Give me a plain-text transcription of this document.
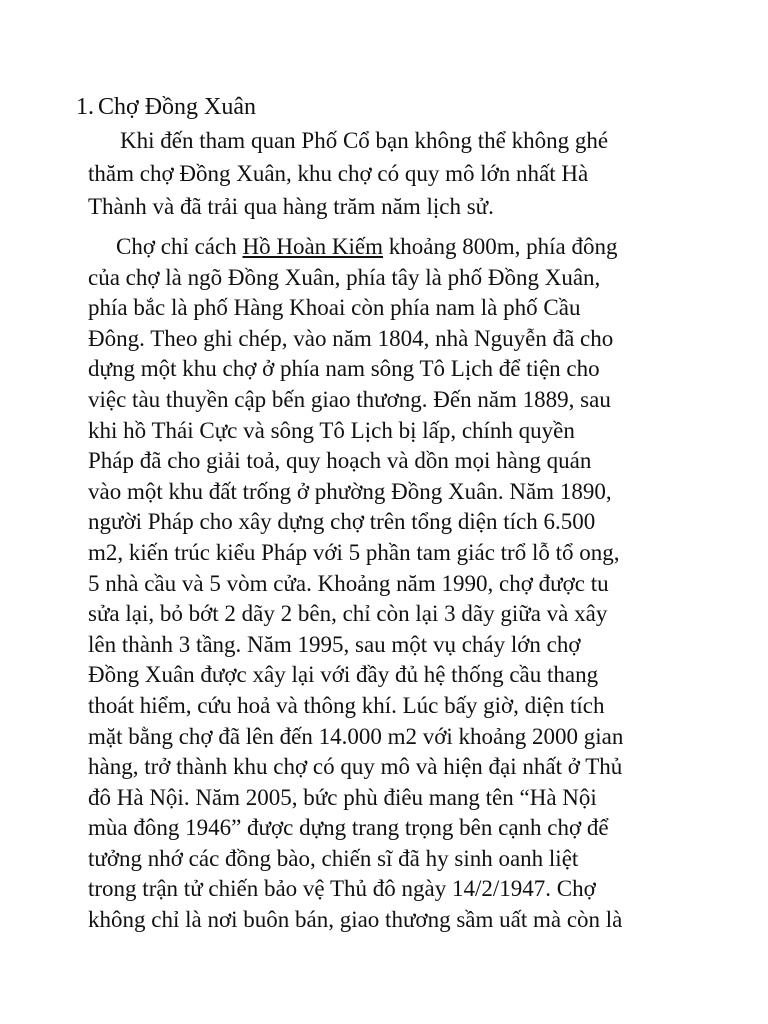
1. Chợ Đồng Xuân
Khi đến tham quan Phố Cổ bạn không thể không ghé
thăm chợ Đồng Xuân, khu chợ có quy mô lớn nhất Hà
Thành và đã trải qua hàng trăm năm lịch sử.
Chợ chỉ cách Hồ Hoàn Kiếm khoảng 800m, phía đông
của chợ là ngõ Đồng Xuân, phía tây là phố Đồng Xuân,
phía bắc là phố Hàng Khoai còn phía nam là phố Cầu
Đông. Theo ghi chép, vào năm 1804, nhà Nguyễn đã cho
dựng một khu chợ ở phía nam sông Tô Lịch để tiện cho
việc tàu thuyền cập bến giao thương. Đến năm 1889, sau
khi hồ Thái Cực và sông Tô Lịch bị lấp, chính quyền
Pháp đã cho giải toả, quy hoạch và dồn mọi hàng quán
vào một khu đất trống ở phường Đồng Xuân. Năm 1890,
người Pháp cho xây dựng chợ trên tổng diện tích 6.500
m2, kiến trúc kiểu Pháp với 5 phần tam giác trổ lỗ tổ ong,
5 nhà cầu và 5 vòm cửa. Khoảng năm 1990, chợ được tu
sửa lại, bỏ bớt 2 dãy 2 bên, chỉ còn lại 3 dãy giữa và xây
lên thành 3 tầng. Năm 1995, sau một vụ cháy lớn chợ
Đồng Xuân được xây lại với đầy đủ hệ thống cầu thang
thoát hiểm, cứu hoả và thông khí. Lúc bấy giờ, diện tích
mặt bằng chợ đã lên đến 14.000 m2 với khoảng 2000 gian
hàng, trở thành khu chợ có quy mô và hiện đại nhất ở Thủ
đô Hà Nội. Năm 2005, bức phù điêu mang tên “Hà Nội
mùa đông 1946” được dựng trang trọng bên cạnh chợ để
tưởng nhớ các đồng bào, chiến sĩ đã hy sinh oanh liệt
trong trận tử chiến bảo vệ Thủ đô ngày 14/2/1947. Chợ
không chỉ là nơi buôn bán, giao thương sầm uất mà còn là
